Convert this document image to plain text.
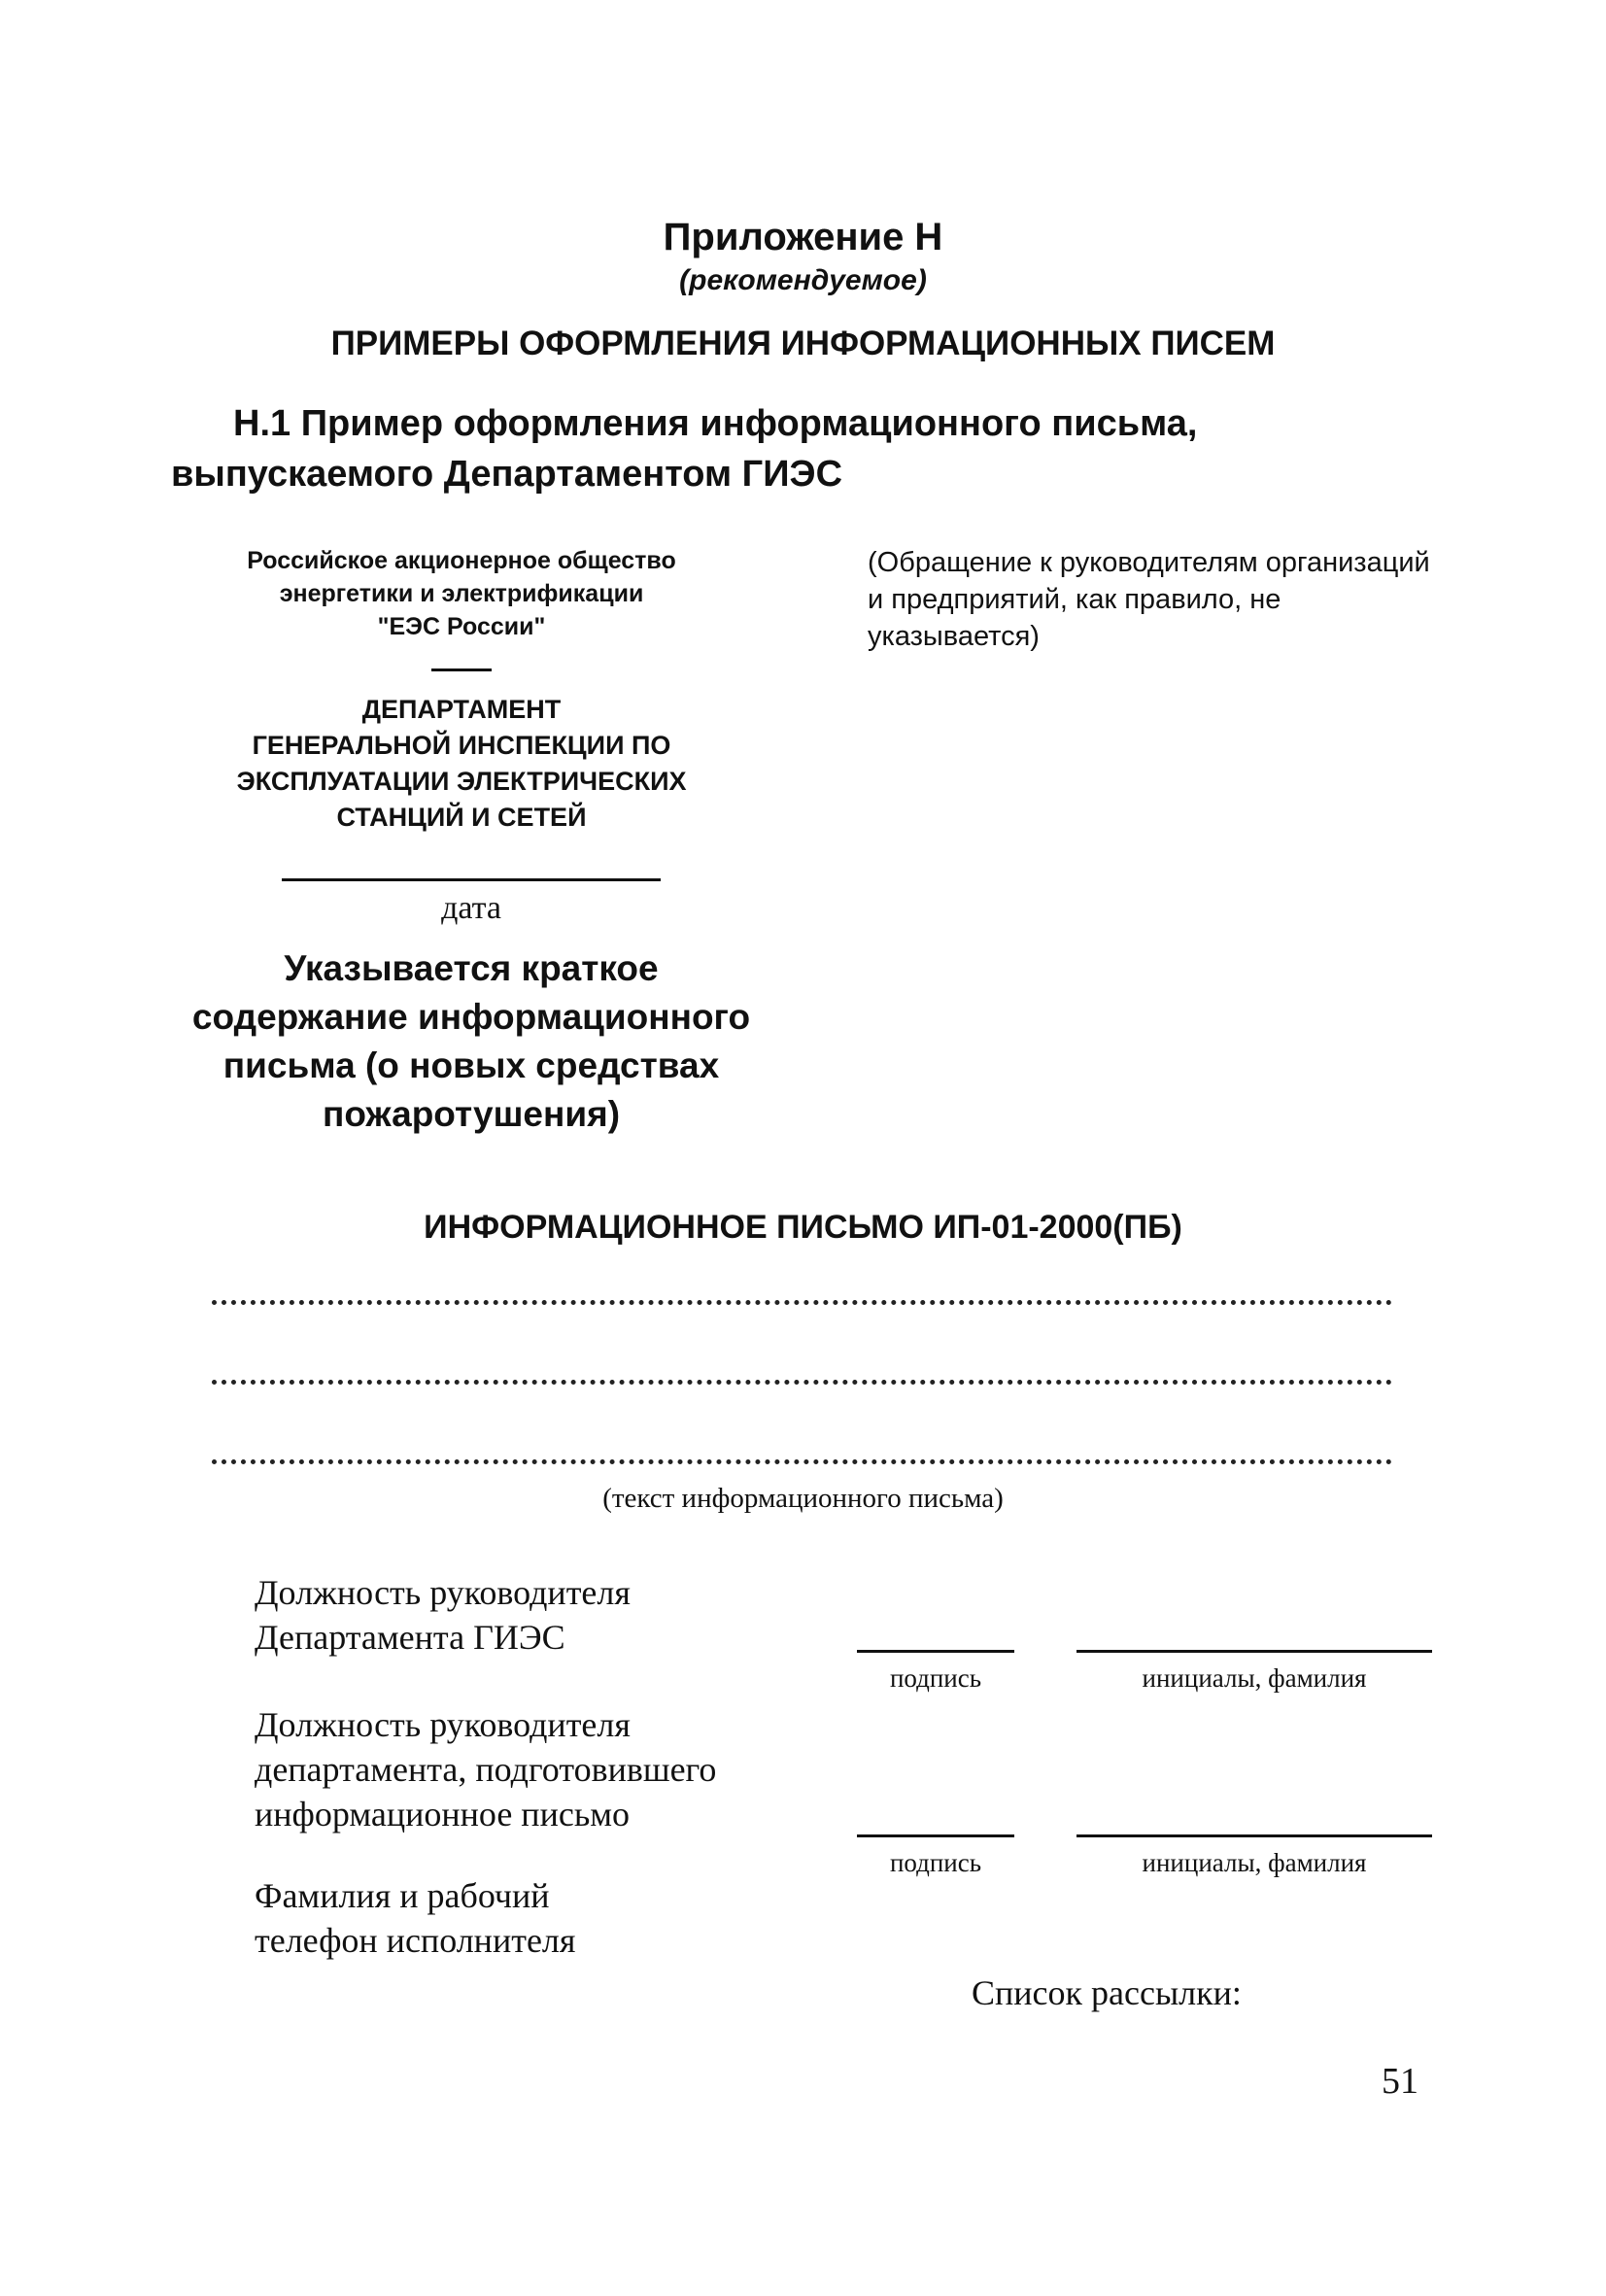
Приложение Н
(рекомендуемое)
ПРИМЕРЫ ОФОРМЛЕНИЯ ИНФОРМАЦИОННЫХ ПИСЕМ
Н.1 Пример оформления информационного письма, выпускаемого Департаментом ГИЭС
Российское акционерное общество
энергетики и электрификации
"ЕЭС России"
ДЕПАРТАМЕНТ
ГЕНЕРАЛЬНОЙ ИНСПЕКЦИИ ПО
ЭКСПЛУАТАЦИИ ЭЛЕКТРИЧЕСКИХ
СТАНЦИЙ И СЕТЕЙ
дата
Указывается краткое
содержание информационного
письма (о новых средствах
пожаротушения)
(Обращение к руководителям организаций и предприятий, как правило, не указывается)
ИНФОРМАЦИОННОЕ ПИСЬМО ИП-01-2000(ПБ)
(текст информационного письма)
Должность руководителя
Департамента ГИЭС
подпись	инициалы, фамилия
Должность руководителя
департамента, подготовившего
информационное письмо
подпись	инициалы, фамилия
Фамилия и рабочий
телефон исполнителя
Список рассылки:
51
